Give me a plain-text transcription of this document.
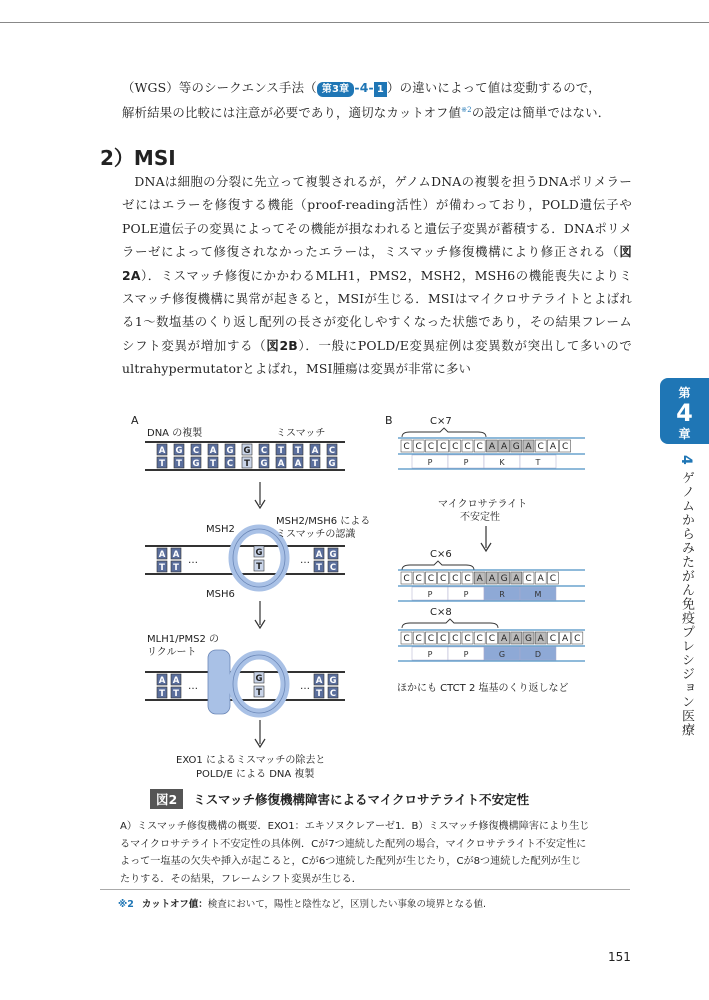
（WGS）等のシークエンス手法（ 第3章 -4- 1 ）の違いによって値は変動するので，
解析結果の比較には注意が必要であり，適切なカットオフ値$^{※2}$の設定は簡単ではない．
2）MSI
DNAは細胞の分裂に先立って複製されるが，ゲノムDNAの複製を担うDNAポリメラーゼにはエラーを修復する機能（proof-reading活性）が備わっており，POLD遺伝子やPOLE遺伝子の変異によってその機能が損なわれると遺伝子変異が蓄積する．DNAポリメラーゼによって修復されなかったエラーは，ミスマッチ修復機構により修正される（図2A）．ミスマッチ修復にかかわるMLH1，PMS2，MSH2，MSH6の機能喪失によりミスマッチ修復機構に異常が起きると，MSIが生じる．MSIはマイクロサテライトとよばれる1～数塩基のくり返し配列の長さが変化しやすくなった状態であり，その結果フレームシフト変異が増加する（図2B）．一般にPOLD/E変異症例は変異数が突出して多いのでultrahypermutatorとよばれ，MSI腫瘍は変異が非常に多い
第
4
章
4 ゲノムからみたがん免疫プレシジョン医療
A
DNA の複製	ミスマッチ
A G C A G G C T T A C
T T G T C T G A A T G
A A
T T
…
G
T
… A G
T C
MSH2
MSH6
MSH2/MSH6 による
ミスマッチの認識
MLH1/PMS2 の
リクルート
A A
T T
…
G
T
… A G
T C
EXO1 によるミスマッチの除去と
POLD/E による DNA 複製
B	C×7
C C C C C C C A A G A C A C
P	P	K	T
マイクロサテライト
不安定性
C×6
C C C C C C A A G A C A C
P	P	R	M
C×8
C C C C C C C C A A G A C A C
P	P	G	D
ほかにも CTCT 2 塩基のくり返しなど
図2 ミスマッチ修復機構障害によるマイクロサテライト不安定性
A）ミスマッチ修復機構の概要．EXO1：エキソヌクレアーゼ1．B）ミスマッチ修復機構障害により生じるマイクロサテライト不安定性の具体例．Cが7つ連続した配列の場合，マイクロサテライト不安定性によって一塩基の欠失や挿入が起こると，Cが6つ連続した配列が生じたり，Cが8つ連続した配列が生じたりする．その結果，フレームシフト変異が生じる．
※2 カットオフ値：検査において，陽性と陰性など，区別したい事象の境界となる値.
151
